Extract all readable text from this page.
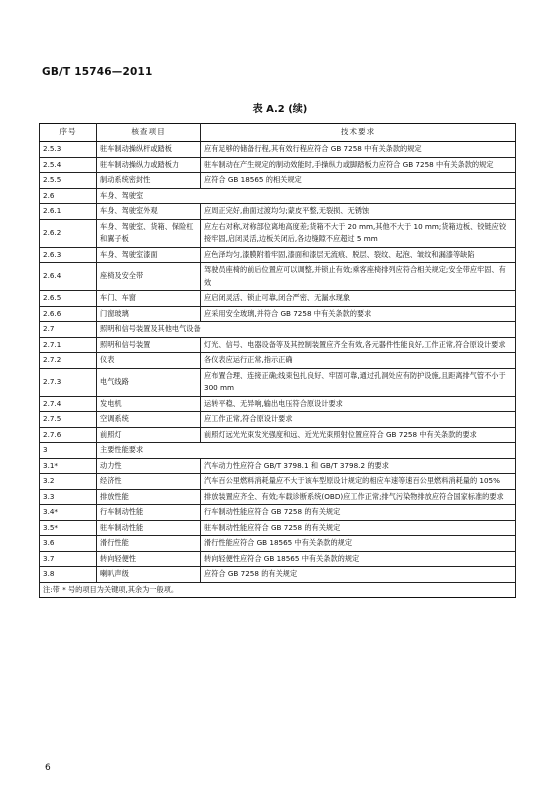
GB/T 15746—2011
表 A.2 (续)
序号	核查项目	技术要求
2.5.3	驻车制动操纵杆或踏板	应有足够的储备行程,其有效行程应符合 GB 7258 中有关条款的规定
2.5.4	驻车制动操纵力或踏板力	驻车制动在产生规定的制动效能时,手操纵力或脚踏板力应符合 GB 7258 中有关条款的规定
2.5.5	制动系统密封性	应符合 GB 18565 的相关规定
2.6	车身、驾驶室	
2.6.1	车身、驾驶室外观	应周正完好,曲面过渡均匀;蒙皮平整,无裂损、无锈蚀
2.6.2	车身、驾驶室、货箱、保险杠和翼子板	应左右对称,对称部位离地高度差;货箱不大于 20 mm,其他不大于 10 mm;货箱边板、铰链应铰接牢固,启闭灵活,边板关闭后,各边缝隙不应超过 5 mm
2.6.3	车身、驾驶室漆面	应色泽均匀,漆膜附着牢固,漆面和漆层无流痕、脱层、裂纹、起泡、皱纹和漏漆等缺陷
2.6.4	座椅及安全带	驾驶员座椅的前后位置应可以调整,并锁止有效;乘客座椅排列应符合相关规定;安全带应牢固、有效
2.6.5	车门、车窗	应启闭灵活、锁止可靠,闭合严密、无漏水现象
2.6.6	门窗玻璃	应采用安全玻璃,并符合 GB 7258 中有关条款的要求
2.7	照明和信号装置及其他电气设备	
2.7.1	照明和信号装置	灯光、信号、电器设备等及其控制装置应齐全有效,各元器件性能良好,工作正常,符合原设计要求
2.7.2	仪表	各仪表应运行正常,指示正确
2.7.3	电气线路	应布置合理、连接正确;线束包扎良好、牢固可靠,通过孔洞处应有防护设施,且距离排气管不小于 300 mm
2.7.4	发电机	运转平稳、无异响,输出电压符合原设计要求
2.7.5	空调系统	应工作正常,符合原设计要求
2.7.6	前照灯	前照灯远光光束发光强度和远、近光光束照射位置应符合 GB 7258 中有关条款的要求
3	主要性能要求	
3.1*	动力性	汽车动力性应符合 GB/T 3798.1 和 GB/T 3798.2 的要求
3.2	经济性	汽车百公里燃料消耗量应不大于该车型原设计规定的相应车速等速百公里燃料消耗量的 105%
3.3	排放性能	排放装置应齐全、有效;车载诊断系统(OBD)应工作正常;排气污染物排放应符合国家标准的要求
3.4*	行车制动性能	行车制动性能应符合 GB 7258 的有关规定
3.5*	驻车制动性能	驻车制动性能应符合 GB 7258 的有关规定
3.6	滑行性能	滑行性能应符合 GB 18565 中有关条款的规定
3.7	转向轻便性	转向轻便性应符合 GB 18565 中有关条款的规定
3.8	喇叭声级	应符合 GB 7258 的有关规定
注:带 * 号的项目为关键项,其余为一般项。		
6
